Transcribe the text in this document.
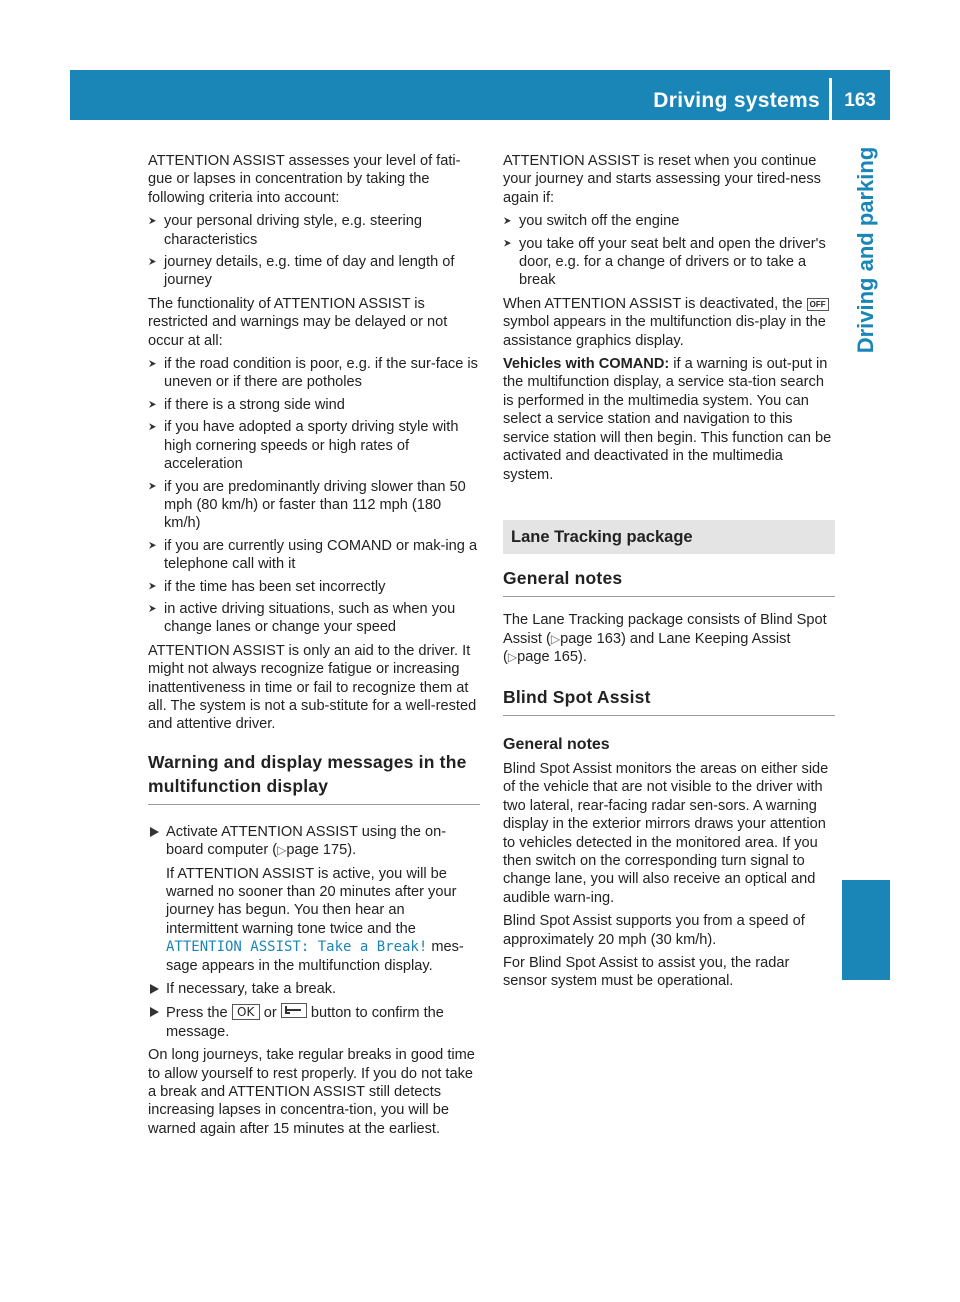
Driving systems 163
Driving and parking

ATTENTION ASSIST assesses your level of fati-gue or lapses in concentration by taking the following criteria into account:

your personal driving style, e.g. steering characteristics
journey details, e.g. time of day and length of journey

The functionality of ATTENTION ASSIST is restricted and warnings may be delayed or not occur at all:

if the road condition is poor, e.g. if the sur-face is uneven or if there are potholes
if there is a strong side wind
if you have adopted a sporty driving style with high cornering speeds or high rates of acceleration
if you are predominantly driving slower than 50 mph (80 km/h) or faster than 112 mph (180 km/h)
if you are currently using COMAND or mak-ing a telephone call with it
if the time has been set incorrectly
in active driving situations, such as when you change lanes or change your speed

ATTENTION ASSIST is only an aid to the driver. It might not always recognize fatigue or increasing inattentiveness in time or fail to recognize them at all. The system is not a sub-stitute for a well-rested and attentive driver.

Warning and display messages in the multifunction display
Activate ATTENTION ASSIST using the on-board computer (▷page 175).
If ATTENTION ASSIST is active, you will be warned no sooner than 20 minutes after your journey has begun. You then hear an intermittent warning tone twice and the ATTENTION ASSIST: Take a Break! mes-sage appears in the multifunction display.
If necessary, take a break.
Press the OK or  button to confirm the message.

On long journeys, take regular breaks in good time to allow yourself to rest properly. If you do not take a break and ATTENTION ASSIST still detects increasing lapses in concentra-tion, you will be warned again after 15 minutes at the earliest.

ATTENTION ASSIST is reset when you continue your journey and starts assessing your tired-ness again if:

you switch off the engine
you take off your seat belt and open the driver's door, e.g. for a change of drivers or to take a break

When ATTENTION ASSIST is deactivated, the OFF symbol appears in the multifunction dis-play in the assistance graphics display.

Vehicles with COMAND: if a warning is out-put in the multifunction display, a service sta-tion search is performed in the multimedia system. You can select a service station and navigation to this service station will then begin. This function can be activated and deactivated in the multimedia system.

Lane Tracking package
General notes

The Lane Tracking package consists of Blind Spot Assist (▷page 163) and Lane Keeping Assist (▷page 165).

Blind Spot Assist
General notes

Blind Spot Assist monitors the areas on either side of the vehicle that are not visible to the driver with two lateral, rear-facing radar sen-sors. A warning display in the exterior mirrors draws your attention to vehicles detected in the monitored area. If you then switch on the corresponding turn signal to change lane, you will also receive an optical and audible warn-ing.

Blind Spot Assist supports you from a speed of approximately 20 mph (30 km/h).

For Blind Spot Assist to assist you, the radar sensor system must be operational.
